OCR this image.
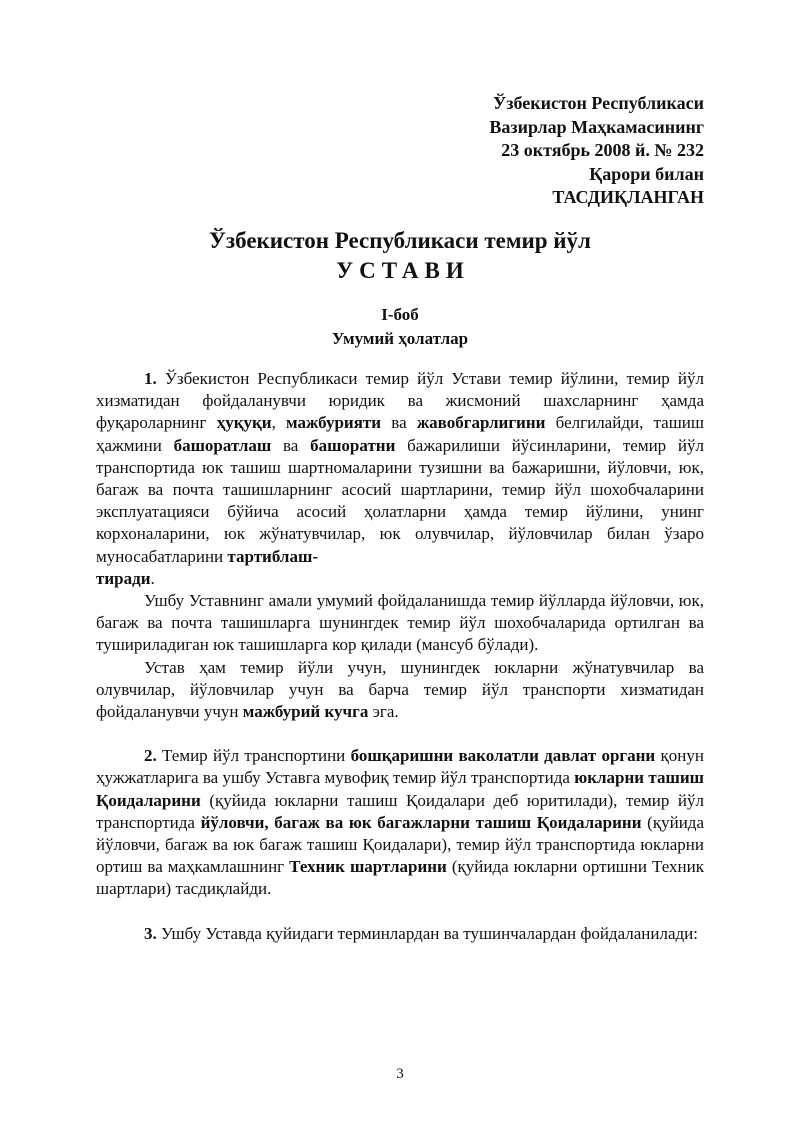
Ўзбекистон Республикаси
Вазирлар Маҳкамасининг
23 октябрь 2008 й. № 232
Қарори билан
ТАСДИҚЛАНГАН
Ўзбекистон Республикаси темир йўл
УСТАВИ
I-боб
Умумий ҳолатлар

1. Ўзбекистон Республикаси темир йўл Устави темир йўлини, темир йўл хизматидан фойдаланувчи юридик ва жисмоний шахсларнинг ҳамда фуқароларнинг ҳуқуқи, мажбурияти ва жавобгарлигини белгилайди, ташиш ҳажмини башоратлаш ва башоратни бажарилиши йўсинларини, темир йўл транспортида юк ташиш шартномаларини тузишни ва бажаришни, йўловчи, юк, багаж ва почта ташишларнинг асосий шартларини, темир йўл шохобчаларини эксплуатацияси бўйича асосий ҳолатларни ҳамда темир йўлини, унинг корхоналарини, юк жўнатувчилар, юк олувчилар, йўловчилар билан ўзаро муносабатларини тартиблаш-
тиради.

Ушбу Уставнинг амали умумий фойдаланишда темир йўлларда йўловчи, юк, багаж ва почта ташишларга шунингдек темир йўл шохобчаларида ортилган ва тушириладиган юк ташишларга кор қилади (мансуб бўлади).

Устав ҳам темир йўли учун, шунингдек юкларни жўнатувчилар ва олувчилар, йўловчилар учун ва барча темир йўл транспорти хизматидан фойдаланувчи учун мажбурий кучга эга.

2. Темир йўл транспортини бошқаришни ваколатли давлат органи қонун ҳужжатларига ва ушбу Уставга мувофиқ темир йўл транспортида юкларни ташиш Қоидаларини (қуйида юкларни ташиш Қоидалари деб юритилади), темир йўл транспортида йўловчи, багаж ва юк багажларни ташиш Қоидаларини (қуйида йўловчи, багаж ва юк багаж ташиш Қоидалари), темир йўл транспортида юкларни ортиш ва маҳкамлашнинг Техник шартларини (қуйида юкларни ортишни Техник шартлари) тасдиқлайди.

3. Ушбу Уставда қуйидаги терминлардан ва тушинчалардан фойдаланилади:

3
